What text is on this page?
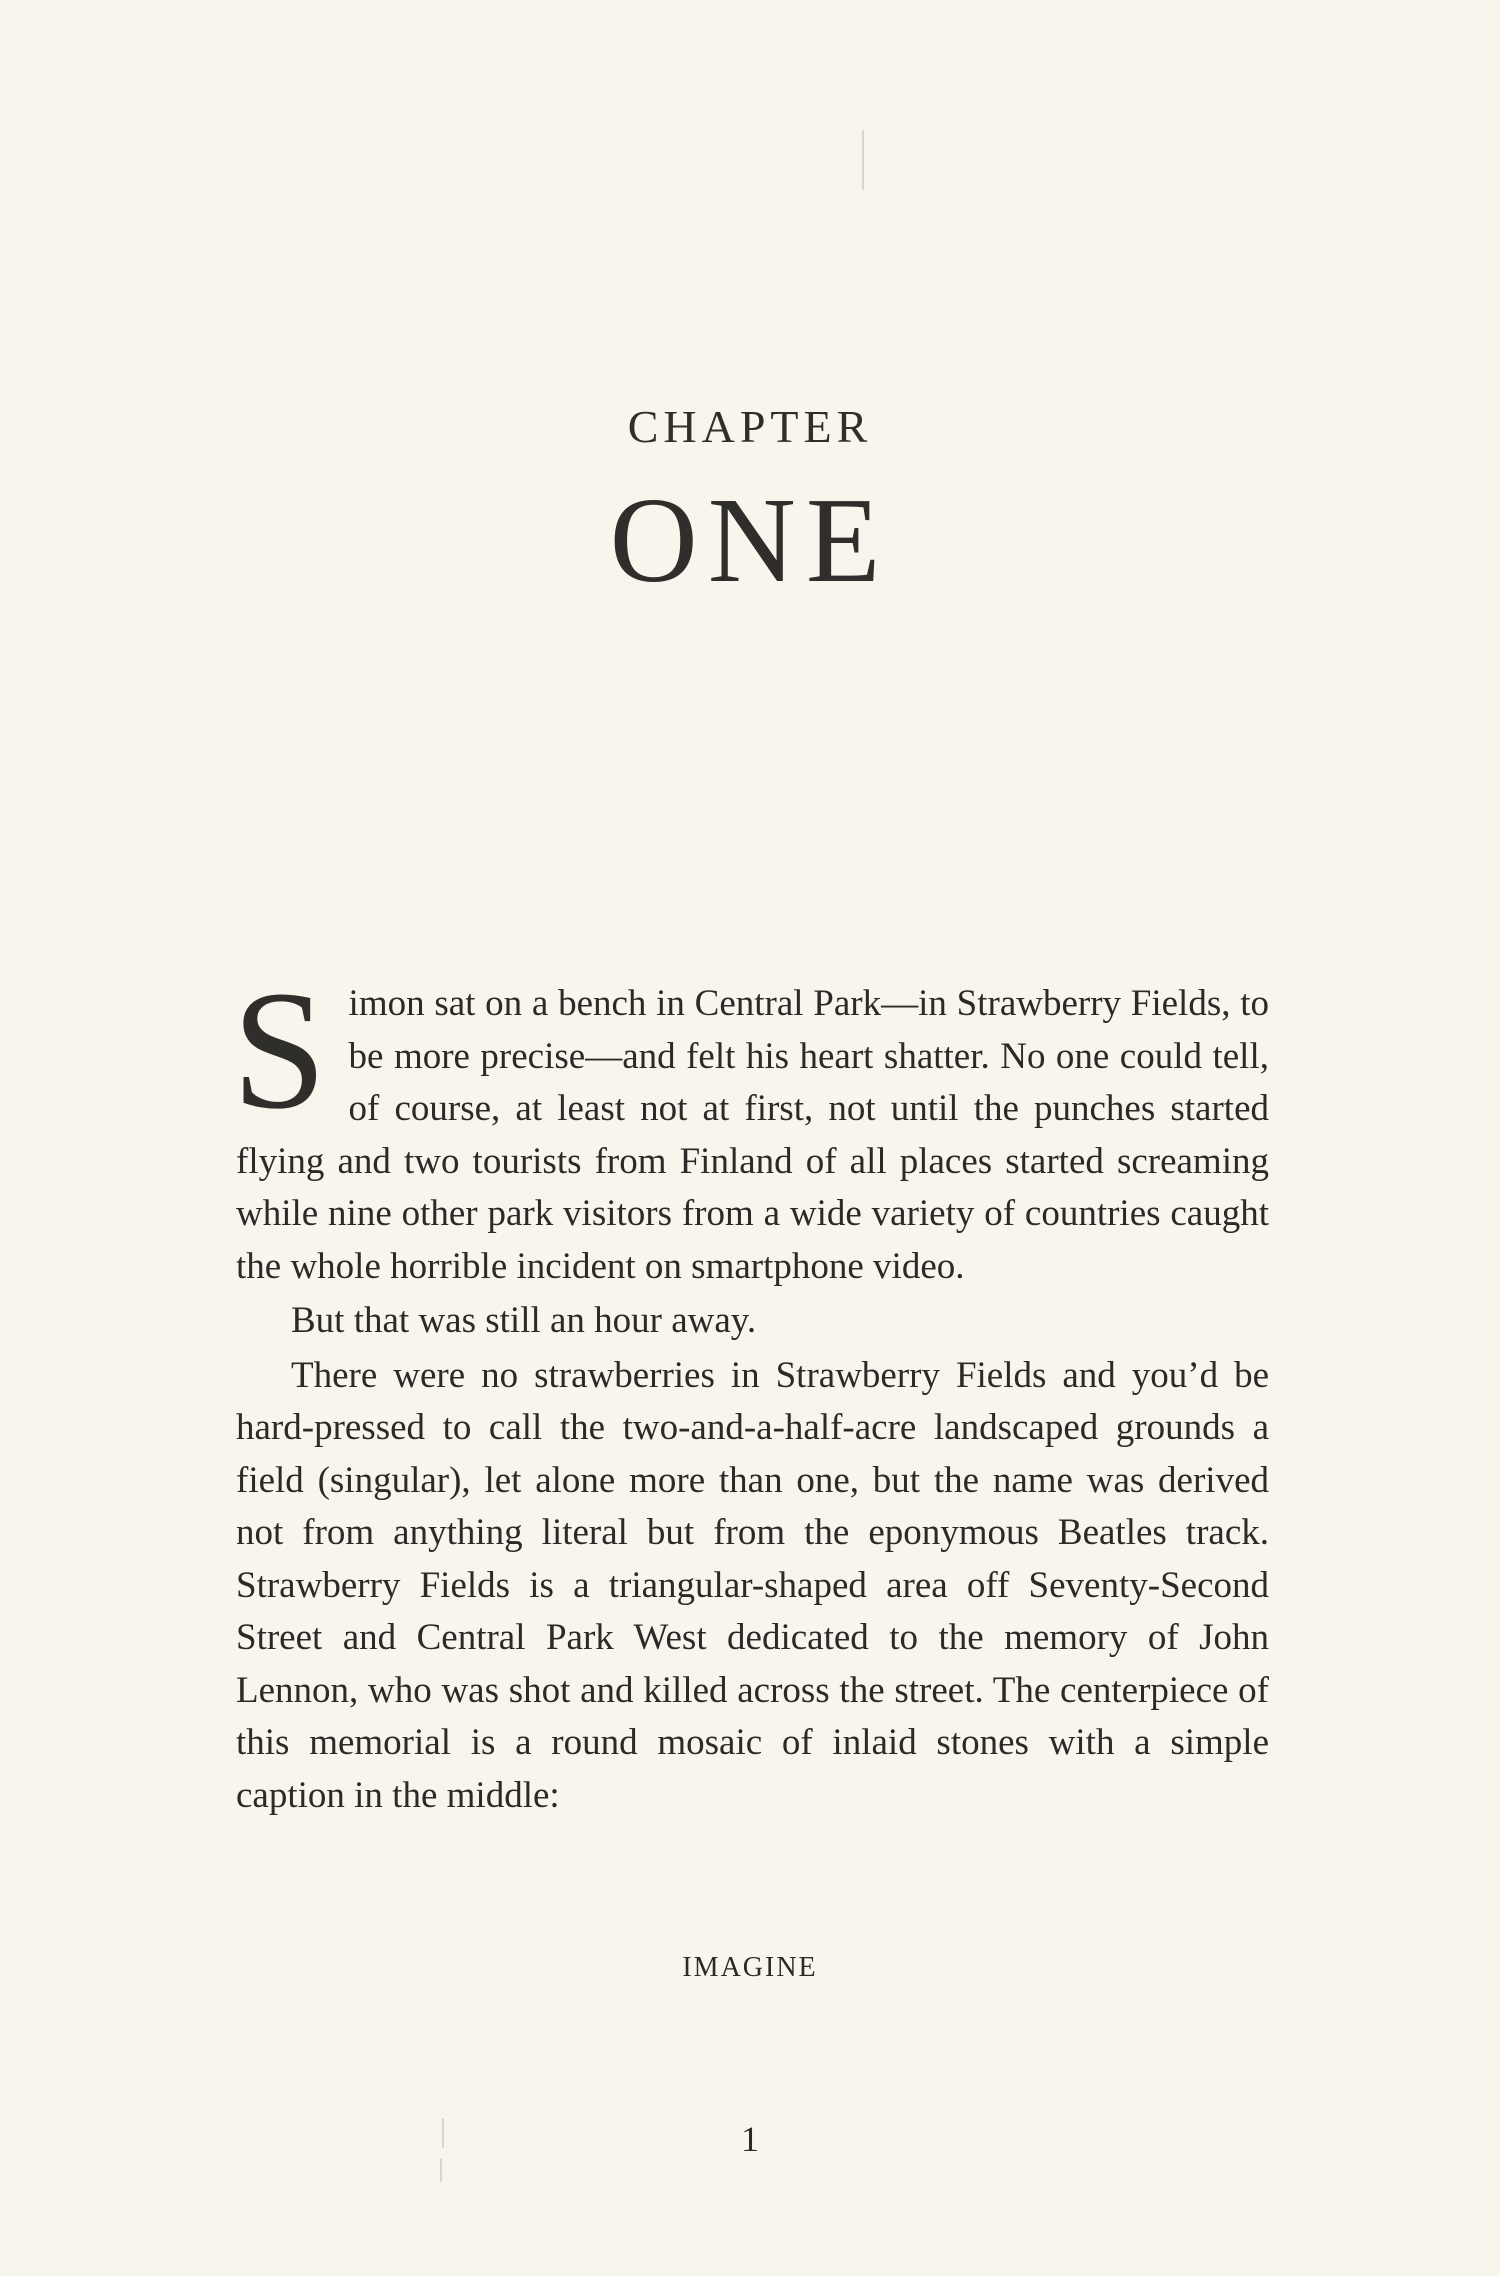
CHAPTER
ONE

Simon sat on a bench in Central Park—in Strawberry Fields, to be more precise—and felt his heart shatter. No one could tell, of course, at least not at first, not until the punches started flying and two tourists from Finland of all places started screaming while nine other park visitors from a wide variety of countries caught the whole horrible incident on smartphone video.

But that was still an hour away.

There were no strawberries in Strawberry Fields and you’d be hard-pressed to call the two-and-a-half-acre landscaped grounds a field (singular), let alone more than one, but the name was derived not from anything literal but from the eponymous Beatles track. Strawberry Fields is a triangular-shaped area off Seventy-Second Street and Central Park West dedicated to the memory of John Lennon, who was shot and killed across the street. The centerpiece of this memorial is a round mosaic of inlaid stones with a simple caption in the middle:

IMAGINE
1
